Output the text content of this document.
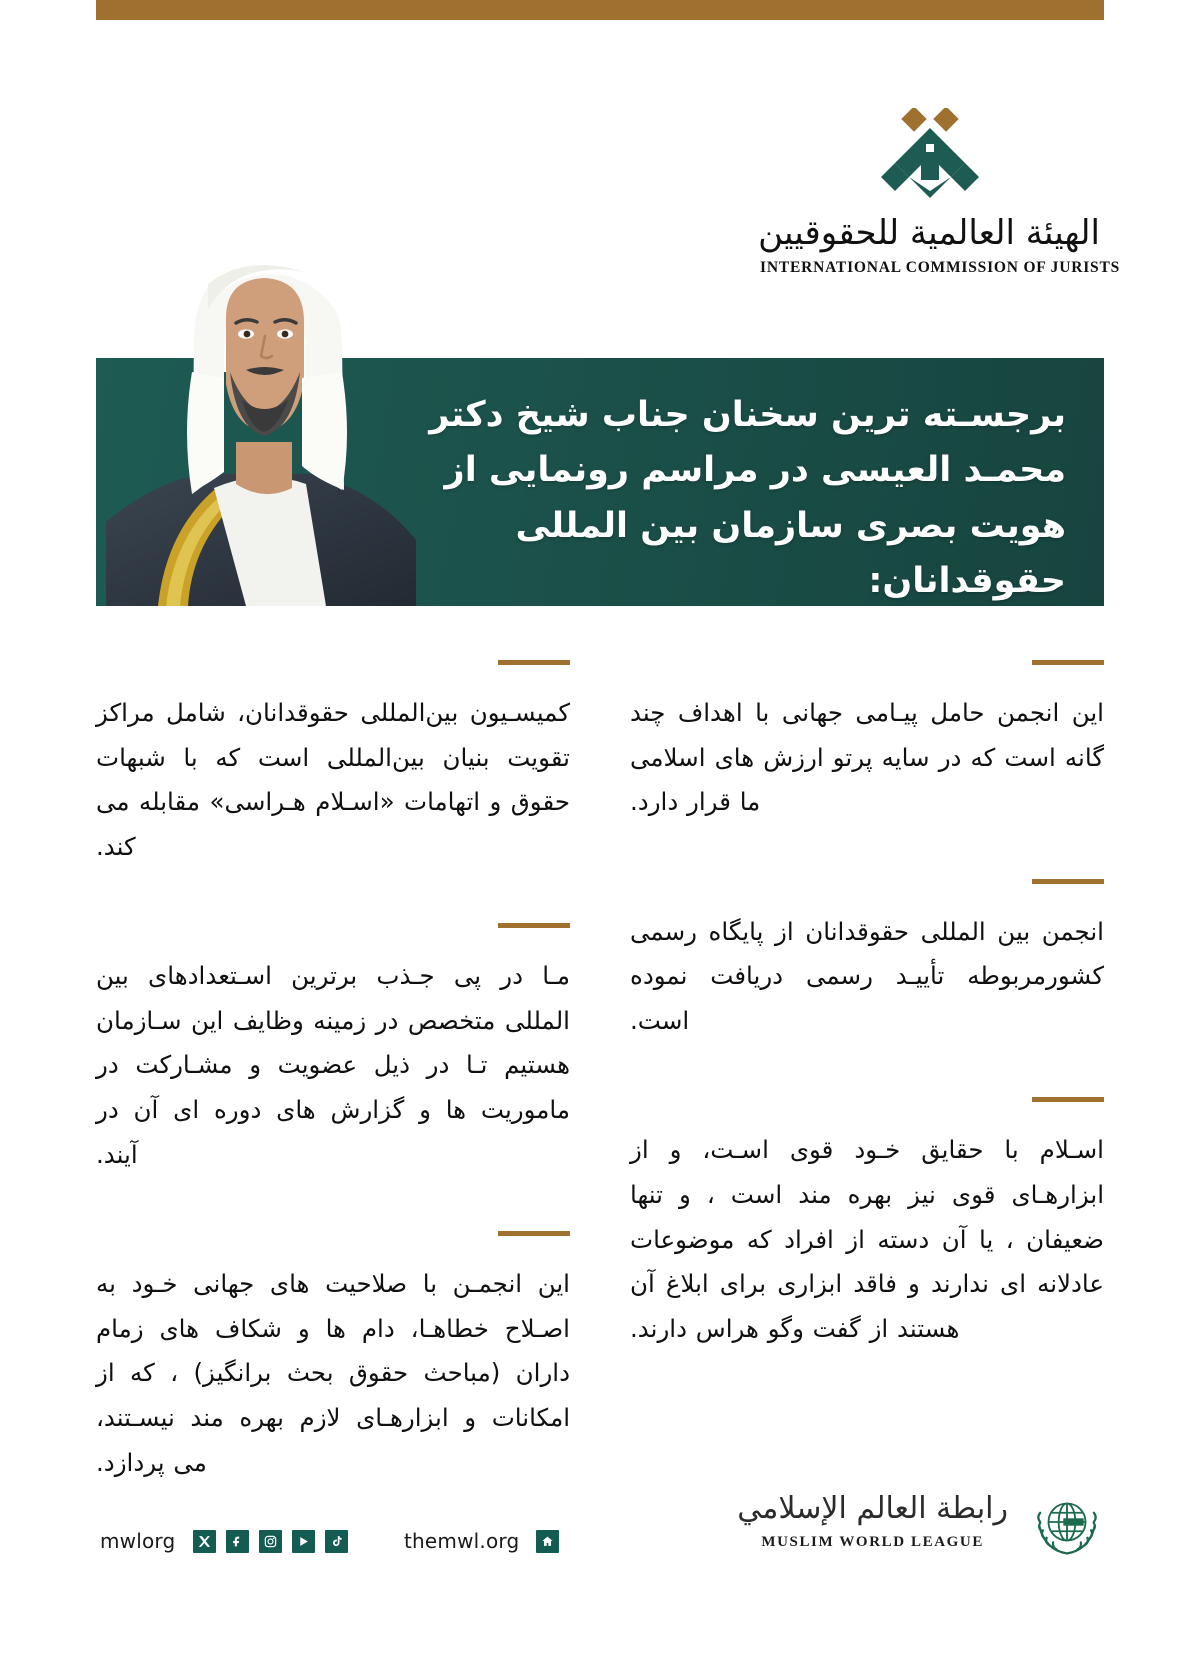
الهيئة العالمية للحقوقيين
INTERNATIONAL COMMISSION OF JURISTS
برجسـته ترین سخنان جناب شیخ دکتر محمـد العیسی در مراسم رونمایی از هویت بصری سازمان بین المللی حقوقدانان:

کمیسـیون بین‌المللی حقوقدانان، شامل مراکز تقویت بنیان بین‌المللی است که با شبهات حقوق و اتهامات «اسـلام هـراسی» مقابله می کند.

مـا در پی جـذب برترین اسـتعدادهای بین المللی متخصص در زمینه وظایف این سـازمان هستیم تـا در ذیل عضویت و مشـارکت در ماموریت ها و گزارش های دوره ای آن در آیند.

این انجمـن با صلاحیت های جهانی خـود به اصـلاح خطاهـا، دام ها و شکاف های زمام داران (مباحث حقوق بحث برانگیز) ، که از امکانات و ابزارهـای لازم بهره مند نیسـتند، می پردازد.

این انجمن حامل پیـامی جهانی با اهداف چند گانه است که در سایه پرتو ارزش های اسلامی ما قرار دارد.

انجمن بین المللی حقوقدانان از پایگاه رسمی کشورمربوطه تأییـد رسمی دریافت نموده است.

اسـلام با حقایق خـود قوی اسـت، و از ابزارهـای قوی نیز بهره مند است ، و تنها ضعیفان ، یا آن دسته از افراد که موضوعات عادلانه ای ندارند و فاقد ابزاری برای ابلاغ آن هستند از گفت وگو هراس دارند.

mwlorg	themwl.org
رابطة العالم الإسلامي
MUSLIM WORLD LEAGUE
